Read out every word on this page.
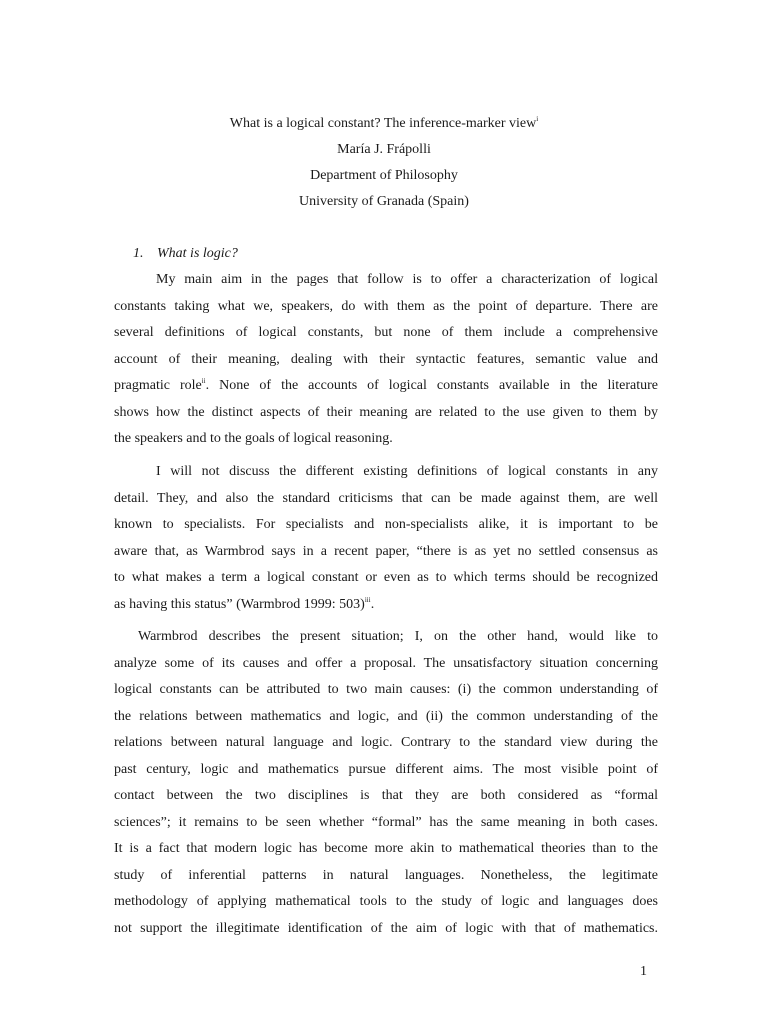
What is a logical constant? The inference-marker view$^i$
María J. Frápolli
Department of Philosophy
University of Granada (Spain)
1. What is logic?
My main aim in the pages that follow is to offer a characterization of logical
constants taking what we, speakers, do with them as the point of departure. There are
several definitions of logical constants, but none of them include a comprehensive
account of their meaning, dealing with their syntactic features, semantic value and
pragmatic role$^{ii}$. None of the accounts of logical constants available in the literature
shows how the distinct aspects of their meaning are related to the use given to them by
the speakers and to the goals of logical reasoning.
I will not discuss the different existing definitions of logical constants in any
detail. They, and also the standard criticisms that can be made against them, are well
known to specialists. For specialists and non-specialists alike, it is important to be
aware that, as Warmbrod says in a recent paper, “there is as yet no settled consensus as
to what makes a term a logical constant or even as to which terms should be recognized
as having this status” (Warmbrod 1999: 503)$^{iii}$.
Warmbrod describes the present situation; I, on the other hand, would like to
analyze some of its causes and offer a proposal. The unsatisfactory situation concerning
logical constants can be attributed to two main causes: (i) the common understanding of
the relations between mathematics and logic, and (ii) the common understanding of the
relations between natural language and logic. Contrary to the standard view during the
past century, logic and mathematics pursue different aims. The most visible point of
contact between the two disciplines is that they are both considered as “formal
sciences”; it remains to be seen whether “formal” has the same meaning in both cases.
It is a fact that modern logic has become more akin to mathematical theories than to the
study of inferential patterns in natural languages. Nonetheless, the legitimate
methodology of applying mathematical tools to the study of logic and languages does
not support the illegitimate identification of the aim of logic with that of mathematics.
1
